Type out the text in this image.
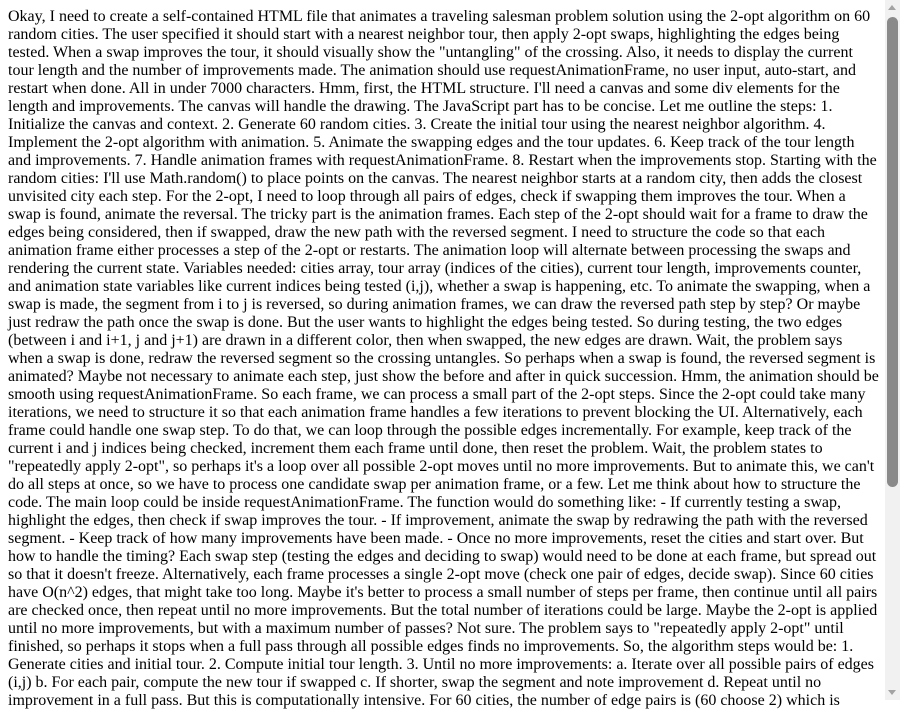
Okay, I need to create a self-contained HTML file that animates a traveling salesman problem solution using the 2-opt algorithm on 60 random cities. The user specified it should start with a nearest neighbor tour, then apply 2-opt swaps, highlighting the edges being tested. When a swap improves the tour, it should visually show the "untangling" of the crossing. Also, it needs to display the current tour length and the number of improvements made. The animation should use requestAnimationFrame, no user input, auto-start, and restart when done. All in under 7000 characters. Hmm, first, the HTML structure. I'll need a canvas and some div elements for the length and improvements. The canvas will handle the drawing. The JavaScript part has to be concise. Let me outline the steps: 1. Initialize the canvas and context. 2. Generate 60 random cities. 3. Create the initial tour using the nearest neighbor algorithm. 4. Implement the 2-opt algorithm with animation. 5. Animate the swapping edges and the tour updates. 6. Keep track of the tour length and improvements. 7. Handle animation frames with requestAnimationFrame. 8. Restart when the improvements stop. Starting with the random cities: I'll use Math.random() to place points on the canvas. The nearest neighbor starts at a random city, then adds the closest unvisited city each step. For the 2-opt, I need to loop through all pairs of edges, check if swapping them improves the tour. When a swap is found, animate the reversal. The tricky part is the animation frames. Each step of the 2-opt should wait for a frame to draw the edges being considered, then if swapped, draw the new path with the reversed segment. I need to structure the code so that each animation frame either processes a step of the 2-opt or restarts. The animation loop will alternate between processing the swaps and rendering the current state. Variables needed: cities array, tour array (indices of the cities), current tour length, improvements counter, and animation state variables like current indices being tested (i,j), whether a swap is happening, etc. To animate the swapping, when a swap is made, the segment from i to j is reversed, so during animation frames, we can draw the reversed path step by step? Or maybe just redraw the path once the swap is done. But the user wants to highlight the edges being tested. So during testing, the two edges (between i and i+1, j and j+1) are drawn in a different color, then when swapped, the new edges are drawn. Wait, the problem says when a swap is done, redraw the reversed segment so the crossing untangles. So perhaps when a swap is found, the reversed segment is animated? Maybe not necessary to animate each step, just show the before and after in quick succession. Hmm, the animation should be smooth using requestAnimationFrame. So each frame, we can process a small part of the 2-opt steps. Since the 2-opt could take many iterations, we need to structure it so that each animation frame handles a few iterations to prevent blocking the UI. Alternatively, each frame could handle one swap step. To do that, we can loop through the possible edges incrementally. For example, keep track of the current i and j indices being checked, increment them each frame until done, then reset the problem. Wait, the problem states to "repeatedly apply 2-opt", so perhaps it's a loop over all possible 2-opt moves until no more improvements. But to animate this, we can't do all steps at once, so we have to process one candidate swap per animation frame, or a few. Let me think about how to structure the code. The main loop could be inside requestAnimationFrame. The function would do something like: - If currently testing a swap, highlight the edges, then check if swap improves the tour. - If improvement, animate the swap by redrawing the path with the reversed segment. - Keep track of how many improvements have been made. - Once no more improvements, reset the cities and start over. But how to handle the timing? Each swap step (testing the edges and deciding to swap) would need to be done at each frame, but spread out so that it doesn't freeze. Alternatively, each frame processes a single 2-opt move (check one pair of edges, decide swap). Since 60 cities have O(n^2) edges, that might take too long. Maybe it's better to process a small number of steps per frame, then continue until all pairs are checked once, then repeat until no more improvements. But the total number of iterations could be large. Maybe the 2-opt is applied until no more improvements, but with a maximum number of passes? Not sure. The problem says to "repeatedly apply 2-opt" until finished, so perhaps it stops when a full pass through all possible edges finds no improvements. So, the algorithm steps would be: 1. Generate cities and initial tour. 2. Compute initial tour length. 3. Until no more improvements: a. Iterate over all possible pairs of edges (i,j) b. For each pair, compute the new tour if swapped c. If shorter, swap the segment and note improvement d. Repeat until no improvement in a full pass. But this is computationally intensive. For 60 cities, the number of edge pairs is (60 choose 2) which is
